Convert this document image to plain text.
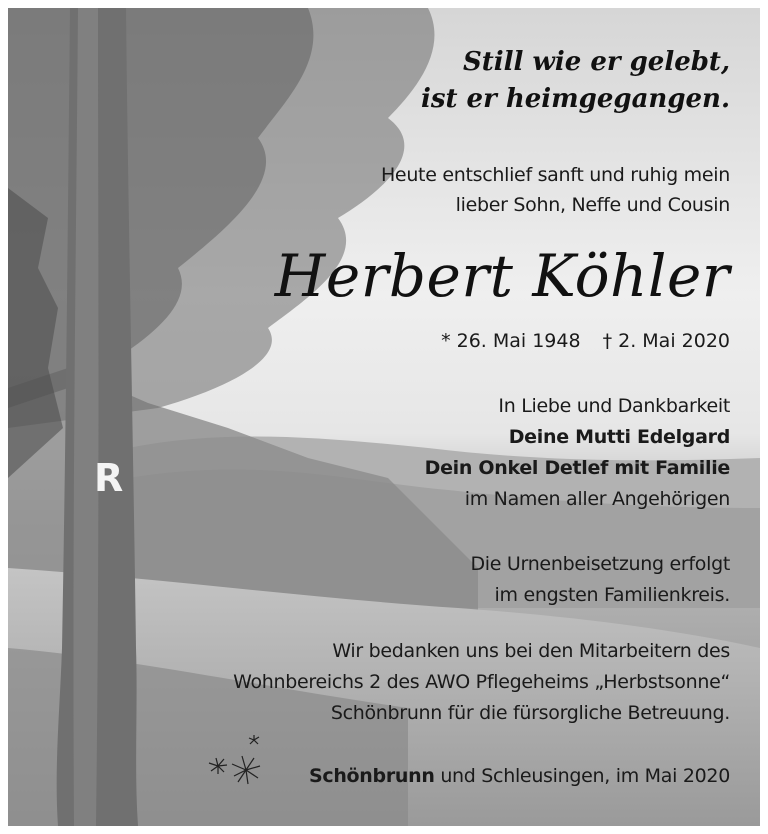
R
Still wie er gelebt,
ist er heimgegangen.
Heute entschlief sanft und ruhig mein
lieber Sohn, Neffe und Cousin
Herbert Köhler
* 26. Mai 1948 † 2. Mai 2020
In Liebe und Dankbarkeit
Deine Mutti Edelgard
Dein Onkel Detlef mit Familie
im Namen aller Angehörigen
Die Urnenbeisetzung erfolgt
im engsten Familienkreis.
Wir bedanken uns bei den Mitarbeitern des
Wohnbereichs 2 des AWO Pflegeheims „Herbstsonne“
Schönbrunn für die fürsorgliche Betreuung.
Schönbrunn und Schleusingen, im Mai 2020
